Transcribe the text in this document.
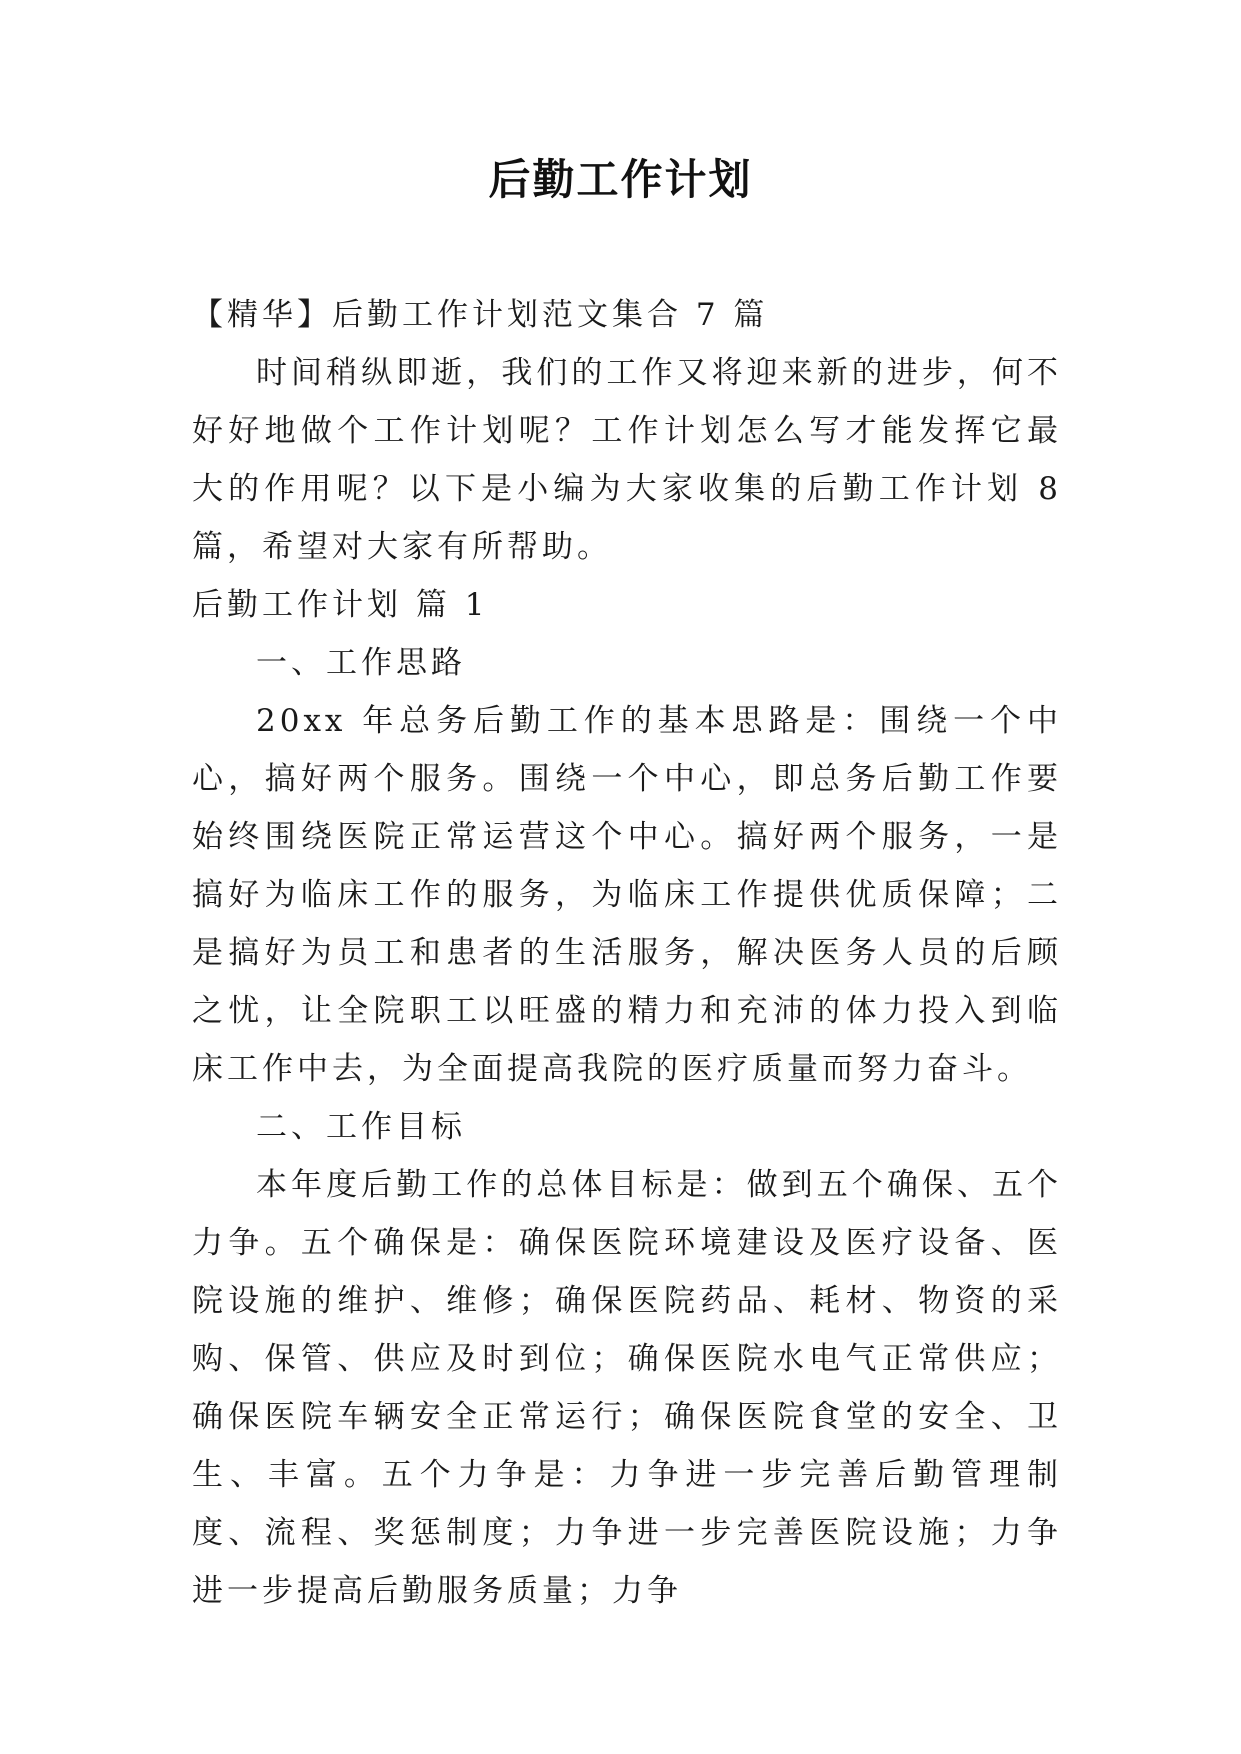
后勤工作计划

【精华】后勤工作计划范文集合 7 篇

时间稍纵即逝，我们的工作又将迎来新的进步，何不好好地做个工作计划呢？工作计划怎么写才能发挥它最大的作用呢？以下是小编为大家收集的后勤工作计划 8 篇，希望对大家有所帮助。

后勤工作计划 篇 1

一、工作思路

20xx 年总务后勤工作的基本思路是：围绕一个中心，搞好两个服务。围绕一个中心，即总务后勤工作要始终围绕医院正常运营这个中心。搞好两个服务，一是搞好为临床工作的服务，为临床工作提供优质保障；二是搞好为员工和患者的生活服务，解决医务人员的后顾之忧，让全院职工以旺盛的精力和充沛的体力投入到临床工作中去，为全面提高我院的医疗质量而努力奋斗。

二、工作目标

本年度后勤工作的总体目标是：做到五个确保、五个力争。五个确保是：确保医院环境建设及医疗设备、医院设施的维护、维修；确保医院药品、耗材、物资的采购、保管、供应及时到位；确保医院水电气正常供应；确保医院车辆安全正常运行；确保医院食堂的安全、卫生、丰富。五个力争是：力争进一步完善后勤管理制度、流程、奖惩制度；力争进一步完善医院设施；力争进一步提高后勤服务质量；力争
